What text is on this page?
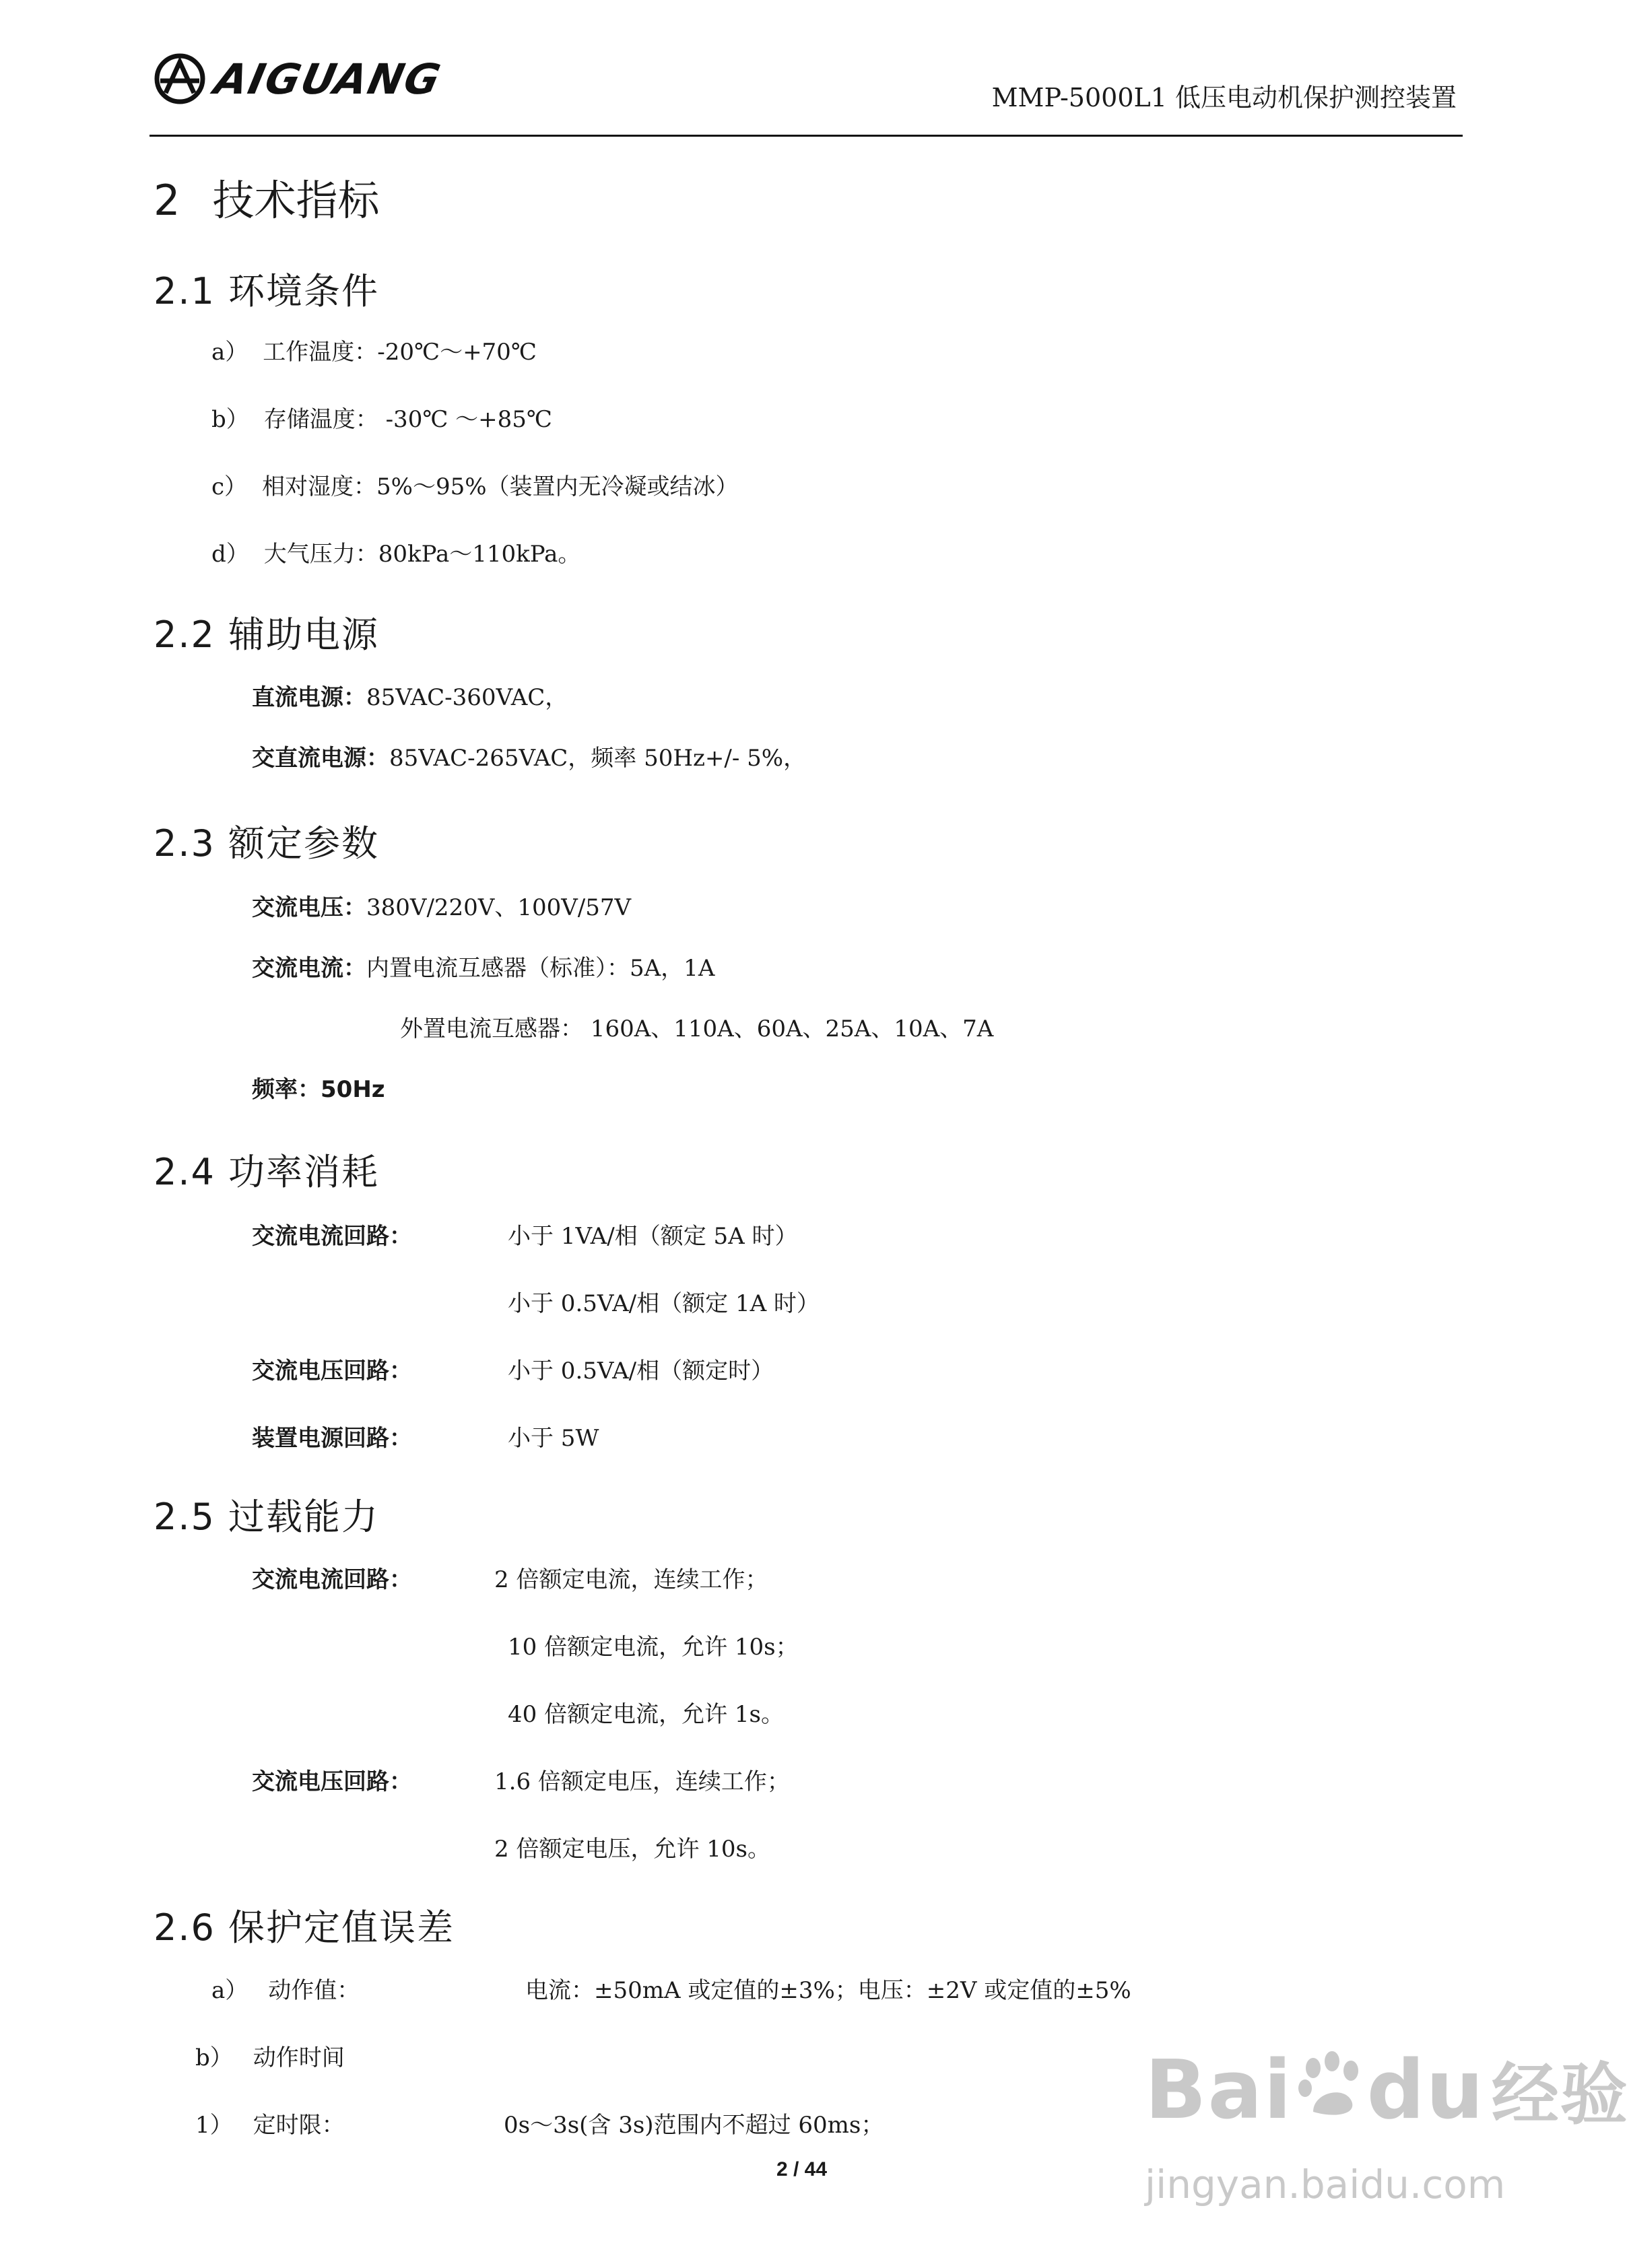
AIGUANG	MMP-5000L1 低压电动机保护测控装置
2 技术指标
2.1 环境条件
a） 工作温度：-20℃～+70℃
b） 存储温度： -30℃ ～+85℃
c） 相对湿度：5%～95%（装置内无冷凝或结冰）
d） 大气压力：80kPa～110kPa。
2.2 辅助电源
直流电源：85VAC-360VAC，
交直流电源：85VAC-265VAC，频率 50Hz+/- 5%，
2.3 额定参数
交流电压：380V/220V、100V/57V
交流电流：内置电流互感器（标准）：5A，1A
外置电流互感器： 160A、110A、60A、25A、10A、7A
频率：50Hz
2.4 功率消耗
交流电流回路：	小于 1VA/相（额定 5A 时）
小于 0.5VA/相（额定 1A 时）
交流电压回路：	小于 0.5VA/相（额定时）
装置电源回路：	小于 5W
2.5 过载能力
交流电流回路：	2 倍额定电流，连续工作；
10 倍额定电流，允许 10s；
40 倍额定电流，允许 1s。
交流电压回路：	1.6 倍额定电压，连续工作；
2 倍额定电压，允许 10s。
2.6 保护定值误差
a） 动作值：	电流：±50mA 或定值的±3%；电压：±2V 或定值的±5%
b） 动作时间
1） 定时限：	0s～3s(含 3s)范围内不超过 60ms；
2 / 44
Bai du 经验
jingyan.baidu.com
